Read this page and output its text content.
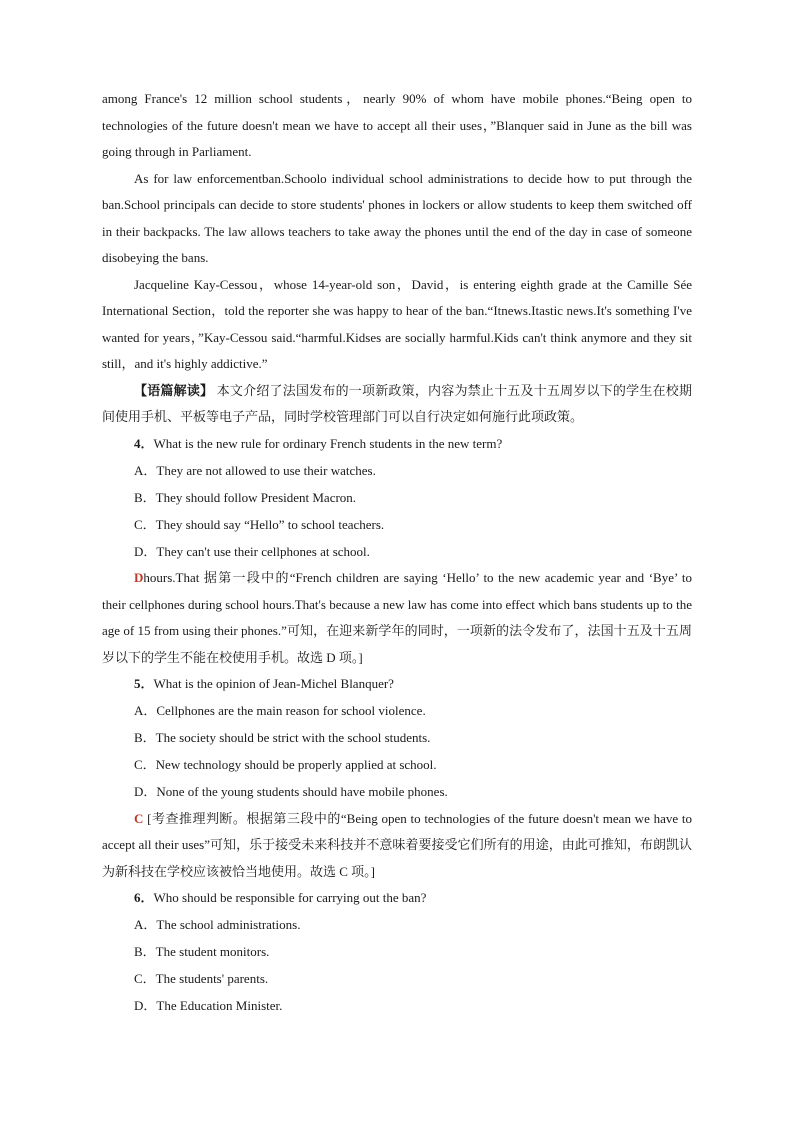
among France's 12 million school students，nearly 90% of whom have mobile phones.“Being open to technologies of the future doesn't mean we have to accept all their uses，”Blanquer said in June as the bill was going through in Parliament.

As for law enforcementban.Schoolo individual school administrations to decide how to put through the ban.School principals can decide to store students' phones in lockers or allow students to keep them switched off in their backpacks. The law allows teachers to take away the phones until the end of the day in case of someone disobeying the bans.

Jacqueline Kay-Cessou，whose 14-year-old son，David，is entering eighth grade at the Camille Sée International Section，told the reporter she was happy to hear of the ban.“Itnews.Itastic news.It's something I've wanted for years，”Kay-Cessou said.“harmful.Kidses are socially harmful.Kids can't think anymore and they sit still，and it's highly addictive.”

【语篇解读】 本文介绍了法国发布的一项新政策，内容为禁止十五及十五周岁以下的学生在校期间使用手机、平板等电子产品，同时学校管理部门可以自行决定如何施行此项政策。

4．What is the new rule for ordinary French students in the new term?

A．They are not allowed to use their watches.

B．They should follow President Macron.

C．They should say “Hello” to school teachers.

D．They can't use their cellphones at school.

Dhours.That 据第一段中的“French children are saying ‘Hello’ to the new academic year and ‘Bye’ to their cellphones during school hours.That's because a new law has come into effect which bans students up to the age of 15 from using their phones.”可知，在迎来新学年的同时，一项新的法令发布了，法国十五及十五周岁以下的学生不能在校使用手机。故选 D 项。]

5．What is the opinion of Jean-Michel Blanquer?

A．Cellphones are the main reason for school violence.

B．The society should be strict with the school students.

C．New technology should be properly applied at school.

D．None of the young students should have mobile phones.

C [考查推理判断。根据第三段中的“Being open to technologies of the future doesn't mean we have to accept all their uses”可知，乐于接受未来科技并不意味着要接受它们所有的用途，由此可推知，布朗凯认为新科技在学校应该被恰当地使用。故选 C 项。]

6．Who should be responsible for carrying out the ban?

A．The school administrations.

B．The student monitors.

C．The students' parents.

D．The Education Minister.
